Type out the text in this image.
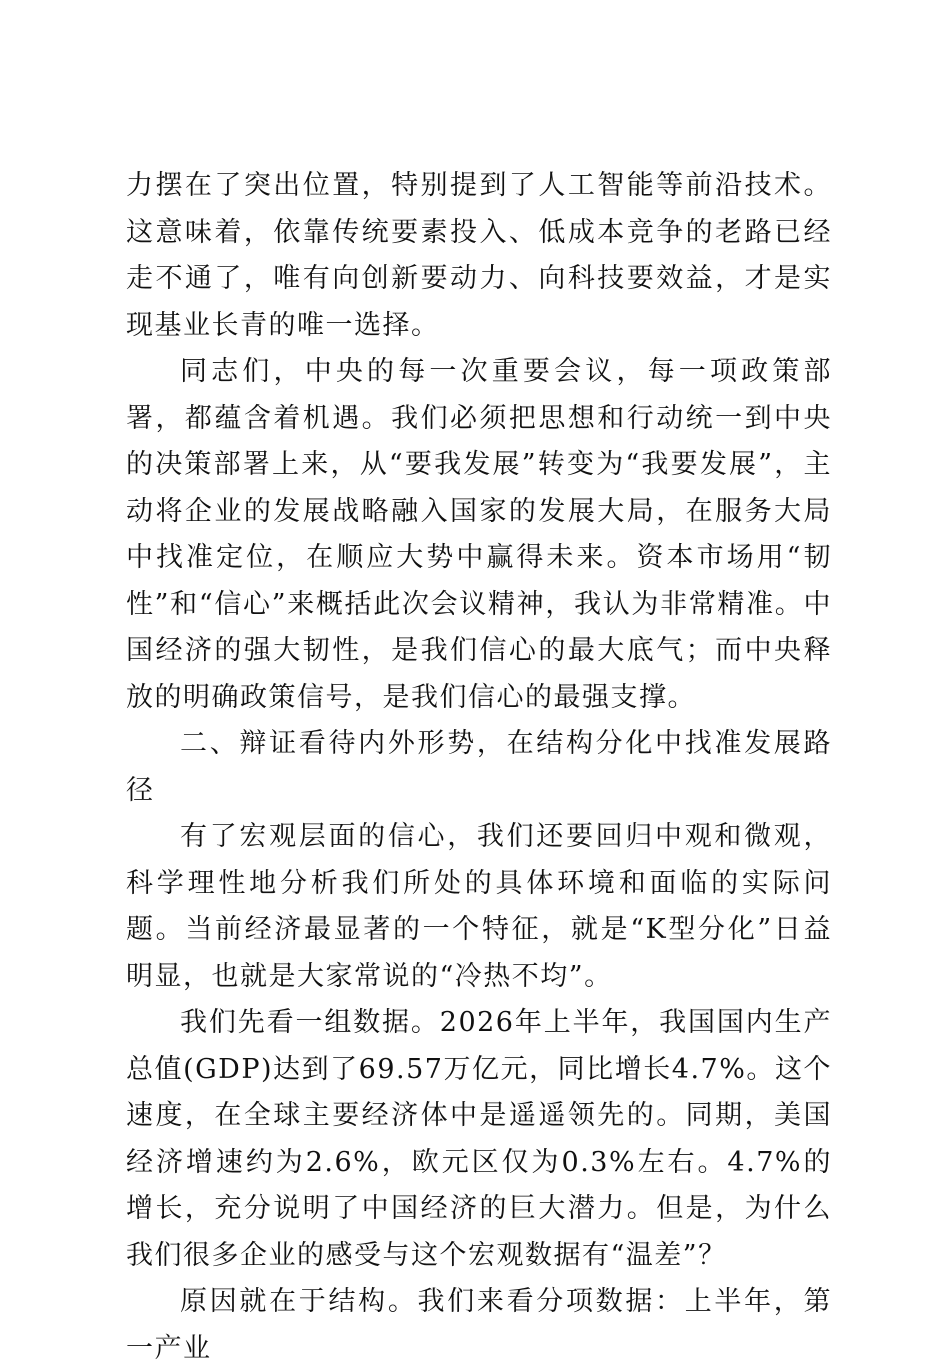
力摆在了突出位置，特别提到了人工智能等前沿技术。这意味着，依靠传统要素投入、低成本竞争的老路已经走不通了，唯有向创新要动力、向科技要效益，才是实现基业长青的唯一选择。

同志们，中央的每一次重要会议，每一项政策部署，都蕴含着机遇。我们必须把思想和行动统一到中央的决策部署上来，从“要我发展”转变为“我要发展”，主动将企业的发展战略融入国家的发展大局，在服务大局中找准定位，在顺应大势中赢得未来。资本市场用“韧性”和“信心”来概括此次会议精神，我认为非常精准。中国经济的强大韧性，是我们信心的最大底气；而中央释放的明确政策信号，是我们信心的最强支撑。

二、辩证看待内外形势，在结构分化中找准发展路径

有了宏观层面的信心，我们还要回归中观和微观，科学理性地分析我们所处的具体环境和面临的实际问题。当前经济最显著的一个特征，就是“K型分化”日益明显，也就是大家常说的“冷热不均”。

我们先看一组数据。2026年上半年，我国国内生产总值(GDP)达到了69.57万亿元，同比增长4.7%。这个速度，在全球主要经济体中是遥遥领先的。同期，美国经济增速约为2.6%，欧元区仅为0.3%左右。4.7%的增长，充分说明了中国经济的巨大潜力。但是，为什么我们很多企业的感受与这个宏观数据有“温差”？

原因就在于结构。我们来看分项数据：上半年，第一产业
